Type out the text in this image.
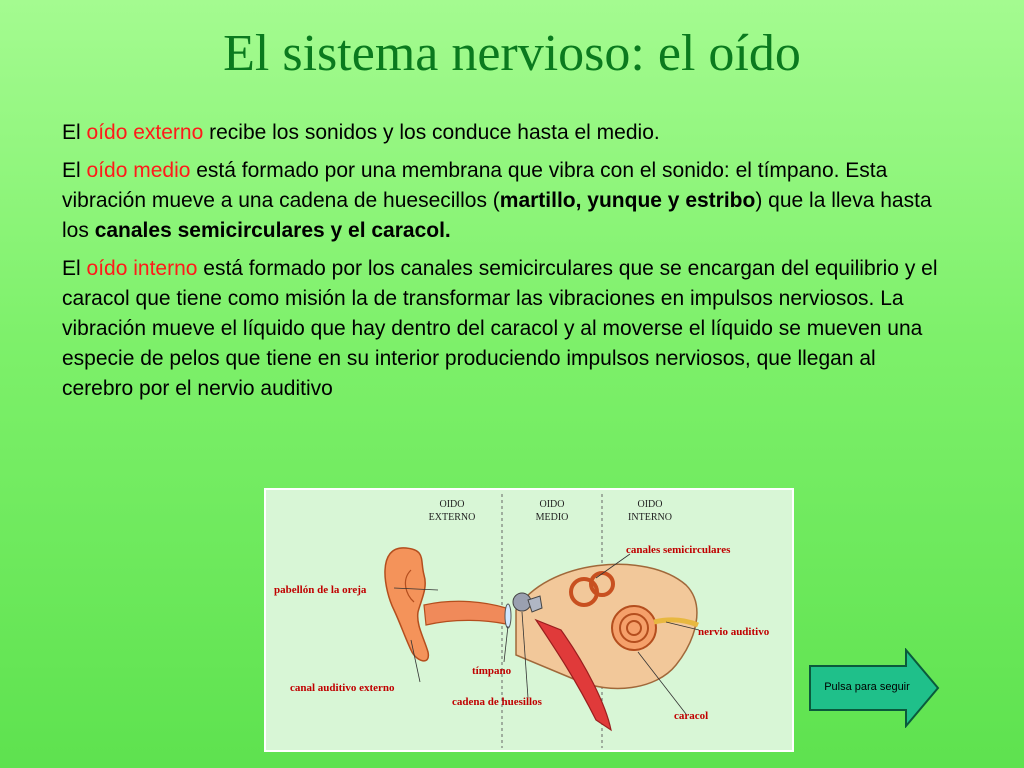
El sistema nervioso: el oído

El oído externo recibe los sonidos y los conduce hasta el medio.

El oído medio está formado por una membrana que vibra con el sonido: el tímpano. Esta vibración mueve a una cadena de huesecillos (martillo, yunque y estribo) que la lleva hasta los canales semicirculares y el caracol.

El oído interno está formado por los canales semicirculares que se encargan del equilibrio y el caracol que tiene como misión la de transformar las vibraciones en impulsos nerviosos. La vibración mueve el líquido que hay dentro del caracol y al moverse el líquido se mueven una especie de pelos que tiene en su interior produciendo impulsos nerviosos, que llegan al cerebro por el nervio auditivo

OIDO
EXTERNO
OIDO
MEDIO
OIDO
INTERNO
pabellón de la oreja
canal auditivo externo
tímpano
cadena de huesillos
canales semicirculares
nervio auditivo
caracol
Pulsa para seguir
